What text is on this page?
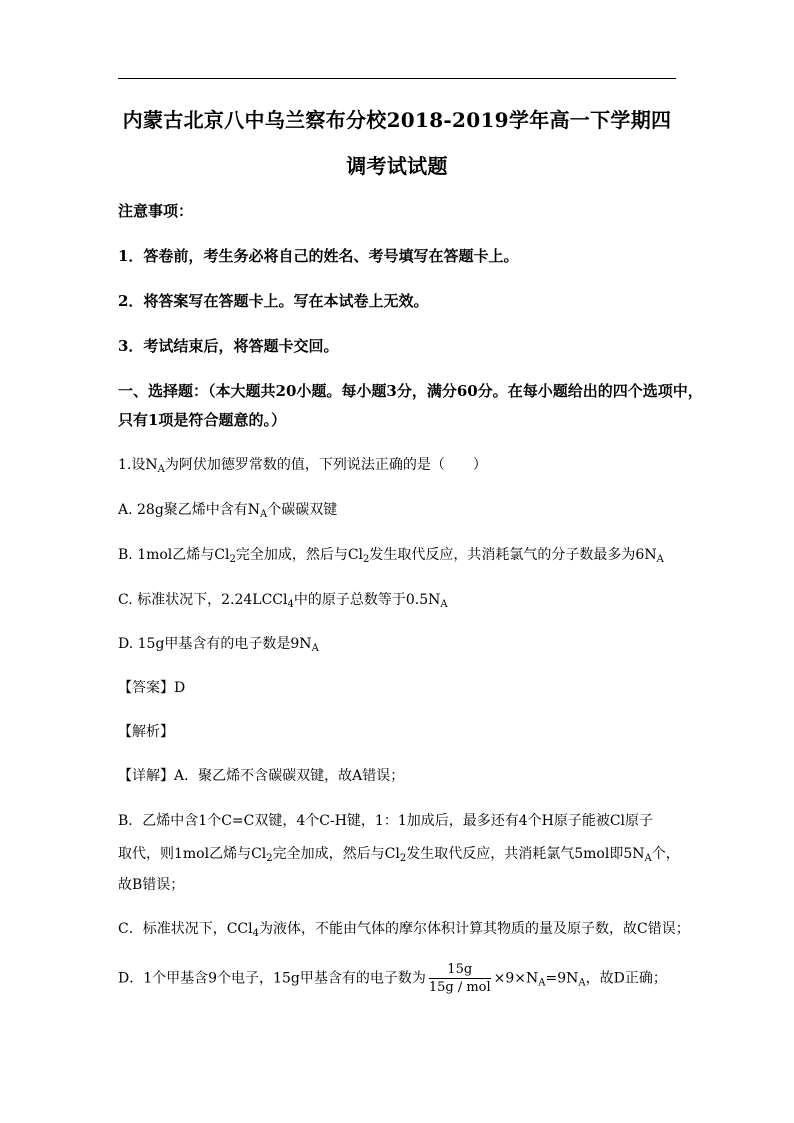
内蒙古北京八中乌兰察布分校2018-2019学年高一下学期四
调考试试题
注意事项：
1．答卷前，考生务必将自己的姓名、考号填写在答题卡上。
2．将答案写在答题卡上。写在本试卷上无效。
3．考试结束后，将答题卡交回。
一、选择题：（本大题共20小题。每小题3分，满分60分。在每小题给出的四个选项中，
只有1项是符合题意的。）
1.设$N_A$为阿伏加德罗常数的值，下列说法正确的是（　　）
A. 28g聚乙烯中含有$N_A$个碳碳双键
B. 1mol乙烯与$Cl_2$完全加成，然后与$Cl_2$发生取代反应，共消耗氯气的分子数最多为$6N_A$
C. 标准状况下，2.24LCCl$_4$中的原子总数等于$0.5N_A$
D. 15g甲基含有的电子数是$9N_A$
【答案】D
【解析】
【详解】A．聚乙烯不含碳碳双键，故A错误；
B．乙烯中含1个C=C双键，4个C-H键，1：1加成后，最多还有4个H原子能被Cl原子
取代，则1mol乙烯与$Cl_2$完全加成，然后与$Cl_2$发生取代反应，共消耗氯气5mol即$5N_A$个，
故B错误；
C．标准状况下，CCl$_4$为液体，不能由气体的摩尔体积计算其物质的量及原子数，故C错误；
D．1个甲基含9个电子，15g甲基含有的电子数为 $\frac{15g}{\text{15g / mol}} \times 9\times N_A=9N_A$，故D正确；
